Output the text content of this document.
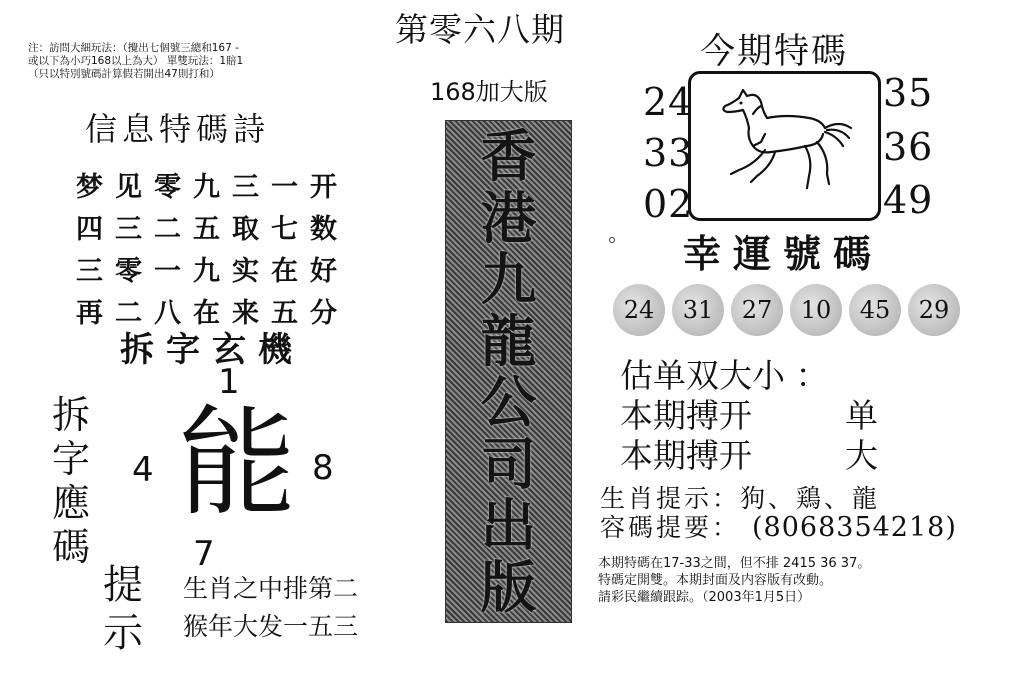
注：訪問大細玩法：（攪出七個號三總和167 -
或以下為小巧168以上為大） 單雙玩法：1賠1
（只以特別號碼計算假若開出47則打和）
第零六八期
168加大版
信息特碼詩
梦 见 零 九 三 一 开
四 三 二 五 取 七 数
三 零 一 九 实 在 好
再 二 八 在 来 五 分
拆字玄機
拆字應碼
1
4	8
能
7
提示
生肖之中排第二
猴年大发一五三
香
港
九
龍
公
司
出
版
今期特碼
24
33
02
35
36
49
幸運號碼
24	31	27	10	45	29
估单双大小 ：
本期搏开	单
本期搏开	大
生肖提示：狗、鶏、龍
容碼提要： (8068354218)
本期特碼在17-33之間，但不排 2415 36 37。
特碼定開雙。本期封面及内容版有改動。
請彩民繼續跟踪。（2003年1月5日）
